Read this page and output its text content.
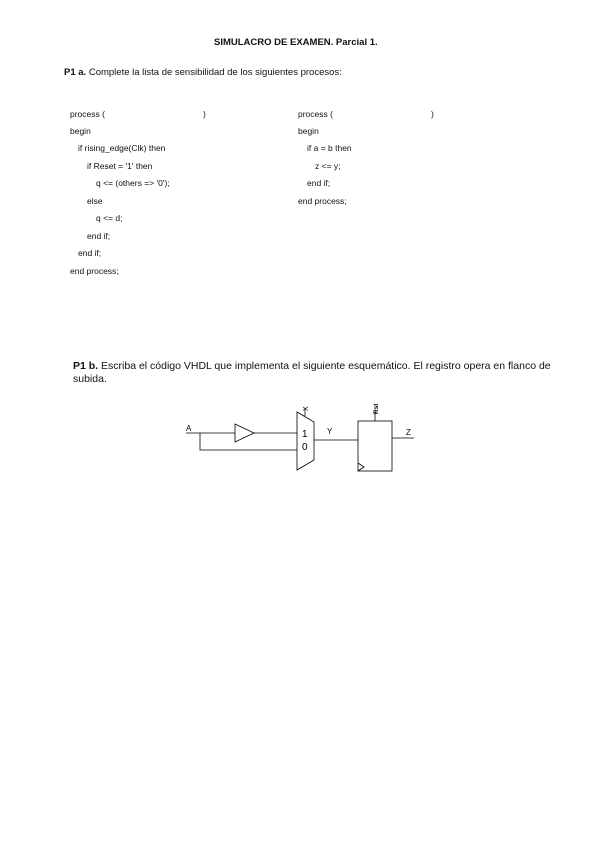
SIMULACRO DE EXAMEN. Parcial 1.
P1 a. Complete la lista de sensibilidad de los siguientes procesos:
process (	)
begin
if rising_edge(Clk) then
if Reset = '1' then
q <= (others => '0');
else
q <= d;
end if;
end if;
end process;
process (	)
begin
if a = b then
z <= y;
end if;
end process;
P1 b. Escriba el código VHDL que implementa el siguiente esquemático. El registro opera en flanco de subida.
A
X
1
0
Y
Rst
Z
